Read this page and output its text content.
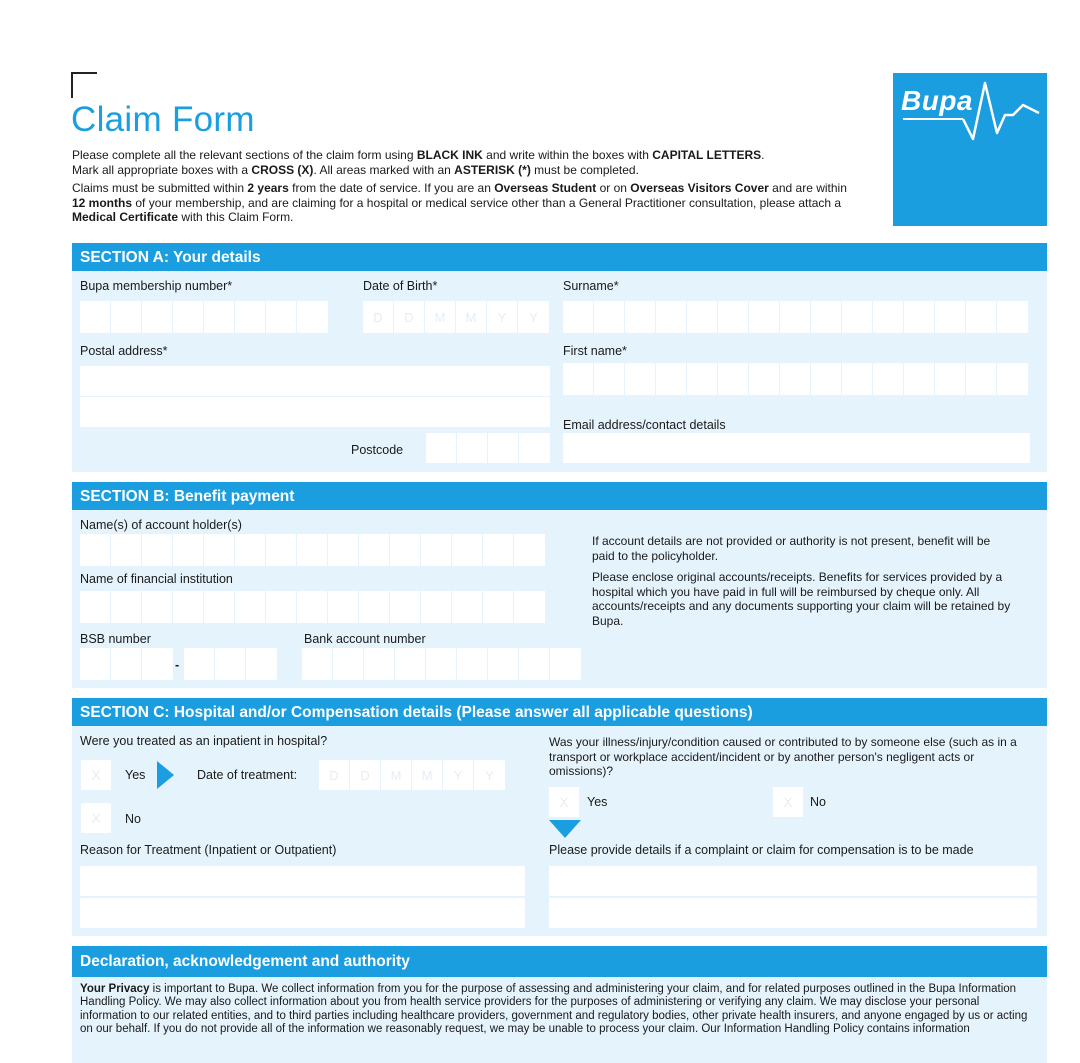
Claim Form

Please complete all the relevant sections of the claim form using BLACK INK and write within the boxes with CAPITAL LETTERS.
Mark all appropriate boxes with a CROSS (X). All areas marked with an ASTERISK (*) must be completed.

Claims must be submitted within 2 years from the date of service. If you are an Overseas Student or on Overseas Visitors Cover and are within 12 months of your membership, and are claiming for a hospital or medical service other than a General Practitioner consultation, please attach a Medical Certificate with this Claim Form.

Bupa
SECTION A: Your details
Bupa membership number*	Date of Birth*	Surname*
D	D	M	M	Y	Y
Postal address*	First name*
Email address/contact details
Postcode
SECTION B: Benefit payment
Name(s) of account holder(s)
Name of financial institution
BSB number	Bank account number
-
If account details are not provided or authority is not present, benefit will be paid to the policyholder.
Please enclose original accounts/receipts. Benefits for services provided by a hospital which you have paid in full will be reimbursed by cheque only. All accounts/receipts and any documents supporting your claim will be retained by Bupa.
SECTION C: Hospital and/or Compensation details (Please answer all applicable questions)
Were you treated as an inpatient in hospital?
X	Yes	Date of treatment:	D	D	M	M	Y	Y
X	No
Was your illness/injury/condition caused or contributed to by someone else (such as in a transport or workplace accident/incident or by another person's negligent acts or omissions)?
X	Yes	X	No
Reason for Treatment (Inpatient or Outpatient)	Please provide details if a complaint or claim for compensation is to be made
Declaration, acknowledgement and authority
Your Privacy is important to Bupa. We collect information from you for the purpose of assessing and administering your claim, and for related purposes outlined in the Bupa Information Handling Policy. We may also collect information about you from health service providers for the purposes of administering or verifying any claim. We may disclose your personal information to our related entities, and to third parties including healthcare providers, government and regulatory bodies, other private health insurers, and anyone engaged by us or acting on our behalf. If you do not provide all of the information we reasonably request, we may be unable to process your claim. Our Information Handling Policy contains information
